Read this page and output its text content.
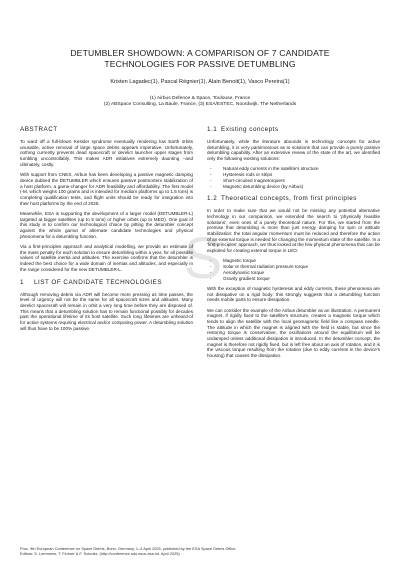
S
DETUMBLER SHOWDOWN: A COMPARISON OF 7 CANDIDATE
TECHNOLOGIES FOR PASSIVE DETUMBLING
Kristen Lagadec(1), Pascal Régnier(1), Alain Benoit(1), Vasco Pereira(1)
(1) Airbus Defence & Space, Toulouse, France
(2) ABSpace Consulting, La Baule, France, (3) ESA/ESTEC, Noordwijk, The Netherlands
ABSTRACT

To ward off a full-blown Kessler syndrome eventually rendering low Earth orbits unusable, active removal of large space debris appears imperative. Unfortunately, nothing currently prevents dead spacecraft or derelict launcher upper stages from tumbling uncontrollably. This makes ADR initiatives extremely daunting –and ultimately, costly.

With support from CNES, Airbus has been developing a passive magnetic damping device dubbed the DETUMBLER which ensures passive postmortem stabilization of a host platform, a game-changer for ADR feasibility and affordability. The first model (-M, which weighs 100 grams and is intended for medium platforms up to 1.5 tons) is completing qualification tests, and flight units should be ready for integration into their host platforms by the end of 2025.

Meanwhile, ESA is supporting the development of a larger model (DETUMBLER-L) targeted at bigger satellites (up to 5 tons) or higher orbits (up to MEO). One goal of this study is to confirm our technological choice by pitting the detumbler concept against the whole gamut of alternate candidate technologies and physical phenomena for a detumbling function.

Via a first-principles approach and analytical modelling, we provide an estimate of the mass penalty for each solution to ensure detumbling within a year, for all possible values of satellite inertia and altitudes. The exercise confirms that the detumbler is indeed the best choice for a wide domain of inertias and altitudes, and especially in the range considered for the new DETUMBLER-L.

1 LIST OF CANDIDATE TECHNOLOGIES

Although removing debris via ADR will become more pressing as time passes, the level of urgency will not be the same for all spacecraft sizes and altitudes. Many derelict spacecraft will remain in orbit a very long time before they are disposed of. This means that a detumbling solution has to remain functional possibly for decades past the operational lifetime of its host satellite. Such long lifetimes are unheard-of for active systems requiring electrical and/or computing power. A detumbling solution will thus have to be 100% passive.

1.1 Existing concepts

Unfortunately, while the literature abounds in technology concepts for active detumbling, it is very parsimonious as to solutions that can provide a purely passive detumbling capability. After an extensive review of the state of the art, we identified only the following existing solutions:

- Natural eddy currents in the satellite's structure
- Hysteresis rods or strips
- Short-circuited magnetorquers
- Magnetic detumbling device (by Airbus)
1.2 Theoretical concepts, from first principles

In order to make sure that we would not be missing any potential alternative technology in our comparison, we extended the search to 'physically feasible solutions', even ones of a purely theoretical nature. For this, we started from the premise that detumbling is more than just energy damping for spin or attitude stabilization: the total angular momentum must be reduced and therefore the action of an external torque is needed for changing the momentum state of the satellite. In a 'first-principles' approach, we thus looked at the few physical phenomena that can be exploited for creating external torque in LEO:

- Magnetic torque
- Solar or thermal radiation pressure torque
- Aerodynamic torque
- Gravity gradient torque

With the exception of magnetic hysteresis and eddy currents, these phenomena are not dissipative on a rigid body: this strongly suggests that a detumbling function needs mobile parts to ensure dissipation.

We can consider the example of the Airbus detumbler as an illustration. A permanent magnet, if rigidly fixed to the satellite's structure, creates a magnetic torque which tends to align the satellite with the local geomagnetic field like a compass needle. The attitude in which the magnet is aligned with the field is stable, but since the restoring torque is conservative, the oscillations around the equilibrium will be undamped unless additional dissipation is introduced. In the detumbler concept, the magnet is therefore not rigidly fixed, but is left free about an axis of rotation, and it is the viscous torque resulting from the rotation (due to eddy currents in the device's housing) that causes the dissipation.

Proc. 9th European Conference on Space Debris, Bonn, Germany, 1–4 April 2025, published by the ESA Space Debris Office
Editors: S. Lemmens, T. Flohrer & F. Schmitz, (http://conference.sdo.esoc.esa.int, April 2025)
